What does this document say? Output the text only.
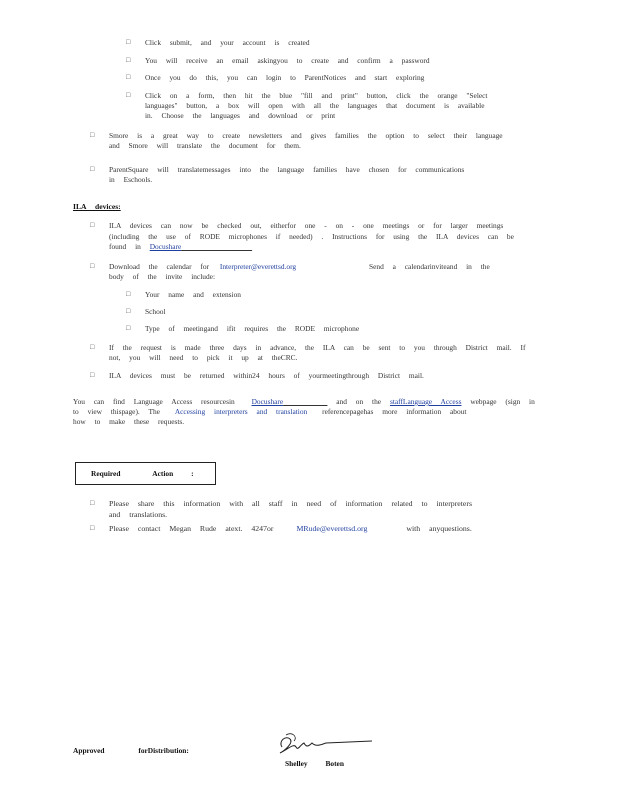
□ Click submit, and your account is created
□ You will receive an email askingyou to create and confirm a password
□ Once you do this, you can login to ParentNotices and start exploring
□ Click on a form, then hit the blue "fill and print" button, click the orange "Select
languages" button, a box will open with all the languages that document is available
in. Choose the languages and download or print
□ Smore is a great way to create newsletters and gives families the option to select their language
and Smore will translate the document for them.
□ ParentSquare will translatemessages into the language families have chosen for communications
in Eschools.
ILA devices:
□ ILA devices can now be checked out, eitherfor one - on - one meetings or for larger meetings
(including the use of RODE microphones if needed) . Instructions for using the ILA devices can be
found in Docushare
□ Download the calendar for Interpreter@everettsd.org	Send a calendarinviteand in the
body of the invite include:
□ Your name and extension
□ School
□ Type of meetingand ifit requires the RODE microphone
□ If the request is made three days in advance, the ILA can be sent to you through District mail. If
not, you will need to pick it up at theCRC.
□ ILA devices must be returned within24 hours of yourmeetingthrough District mail.
You can find Language Access resourcesin Docushare	and on the staffLanguage Access webpage (sign in
to view thispage). The Accessing interpreters and translation referencepagehas more information about
how to make these requests.
Required	Action :
□ Please share this information with all staff in need of information related to interpreters
and translations.
□ Please contact Megan Rude atext. 4247or	MRude@everettsd.org	with anyquestions.
Approved	forDistribution:
Shelley Boten
